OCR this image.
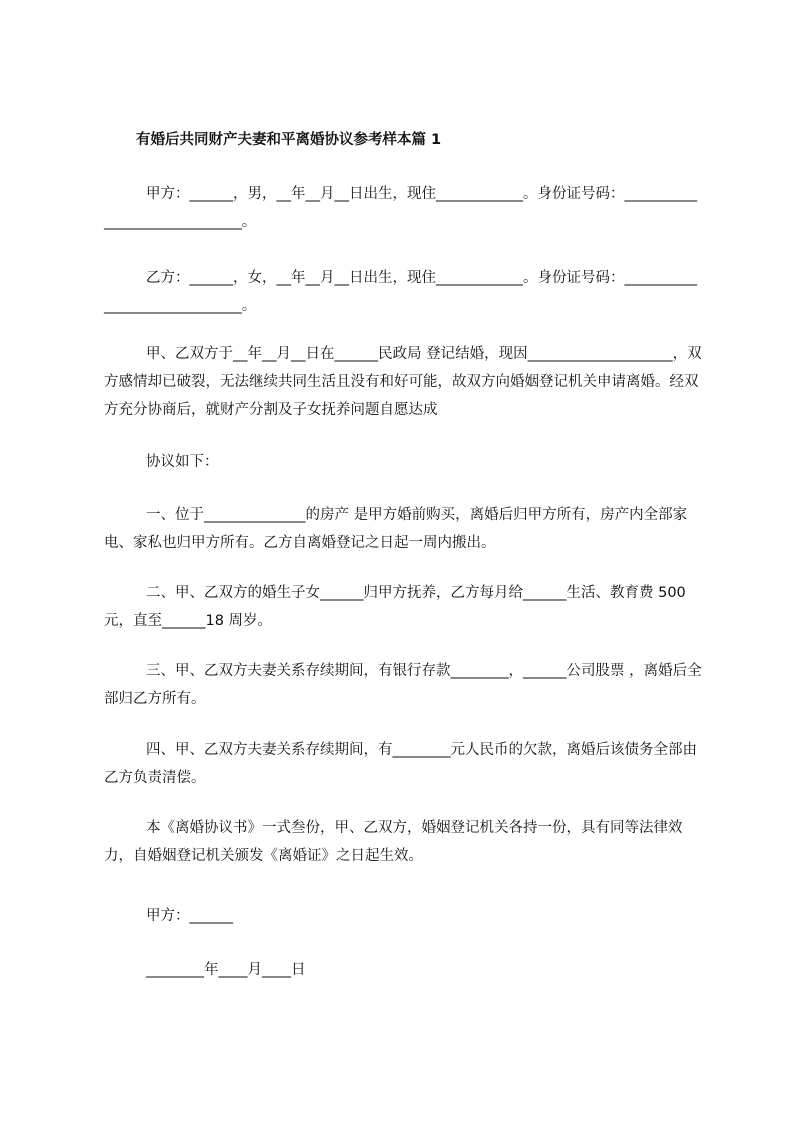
有婚后共同财产夫妻和平离婚协议参考样本篇 1

甲方：______，男，__年__月__日出生，现住____________。身份证号码：_____________________________。

乙方：______，女，__年__月__日出生，现住____________。身份证号码：_____________________________。

甲、乙双方于__年__月__日在______民政局 登记结婚，现因____________________，双方感情却已破裂，无法继续共同生活且没有和好可能，故双方向婚姻登记机关申请离婚。经双方充分协商后，就财产分割及子女抚养问题自愿达成

协议如下：

一、位于______________的房产 是甲方婚前购买，离婚后归甲方所有，房产内全部家电、家私也归甲方所有。乙方自离婚登记之日起一周内搬出。

二、甲、乙双方的婚生子女______归甲方抚养，乙方每月给______生活、教育费 500 元，直至______18 周岁。

三、甲、乙双方夫妻关系存续期间，有银行存款________，______公司股票 ，离婚后全部归乙方所有。

四、甲、乙双方夫妻关系存续期间，有________元人民币的欠款，离婚后该债务全部由乙方负责清偿。

本《离婚协议书》一式叁份，甲、乙双方，婚姻登记机关各持一份，具有同等法律效力，自婚姻登记机关颁发《离婚证》之日起生效。

甲方：______

________年____月____日
